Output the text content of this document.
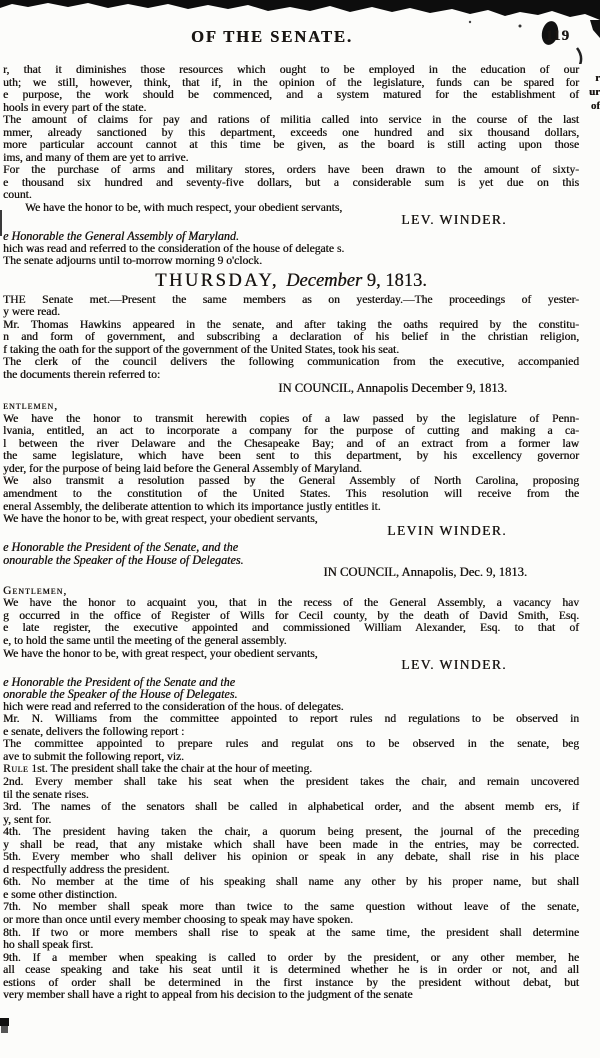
r
ur
of
OF THE SENATE.	119
r, that it diminishes those resources which ought to be employed in the education of our
uth; we still, however, think, that if, in the opinion of the legislature, funds can be spared for
e purpose, the work should be commenced, and a system matured for the establishment of
hools in every part of the state.
The amount of claims for pay and rations of militia called into service in the course of the last
mmer, already sanctioned by this department, exceeds one hundred and six thousand dollars,
more particular account cannot at this time be given, as the board is still acting upon those
ims, and many of them are yet to arrive.
For the purchase of arms and military stores, orders have been drawn to the amount of sixty-
e thousand six hundred and seventy-five dollars, but a considerable sum is yet due on this
count.
We have the honor to be, with much respect, your obedient servants,
LEV. WINDER.
e Honorable the General Assembly of Maryland.
hich was read and referred to the consideration of the house of delegate s.
The senate adjourns until to-morrow morning 9 o'clock.
THURSDAY, December 9, 1813.
THE Senate met.—Present the same members as on yesterday.—The proceedings of yester-
y were read.
Mr. Thomas Hawkins appeared in the senate, and after taking the oaths required by the constitu-
n and form of government, and subscribing a declaration of his belief in the christian religion,
f taking the oath for the support of the government of the United States, took his seat.
The clerk of the council delivers the following communication from the executive, accompanied
the documents therein referred to:
IN COUNCIL, Annapolis December 9, 1813.
entlemen,
We have the honor to transmit herewith copies of a law passed by the legislature of Penn-
lvania, entitled, an act to incorporate a company for the purpose of cutting and making a ca-
l between the river Delaware and the Chesapeake Bay; and of an extract from a former law
the same legislature, which have been sent to this department, by his excellency governor
yder, for the purpose of being laid before the General Assembly of Maryland.
We also transmit a resolution passed by the General Assembly of North Carolina, proposing
amendment to the constitution of the United States. This resolution will receive from the
eneral Assembly, the deliberate attention to which its importance justly entitles it.
We have the honor to be, with great respect, your obedient servants,
LEVIN WINDER.
e Honorable the President of the Senate, and the
onourable the Speaker of the House of Delegates.
IN COUNCIL, Annapolis, Dec. 9, 1813.
Gentlemen,
We have the honor to acquaint you, that in the recess of the General Assembly, a vacancy hav
g occurred in the office of Register of Wills for Cecil county, by the death of David Smith, Esq.
e late register, the executive appointed and commissioned William Alexander, Esq. to that of
e, to hold the same until the meeting of the general assembly.
We have the honor to be, with great respect, your obedient servants,
LEV. WINDER.
e Honorable the President of the Senate and the
onorable the Speaker of the House of Delegates.
hich were read and referred to the consideration of the hous. of delegates.
Mr. N. Williams from the committee appointed to report rules nd regulations to be observed in
e senate, delivers the following report :
The committee appointed to prepare rules and regulat ons to be observed in the senate, beg
ave to submit the following report, viz.
Rule 1st. The president shall take the chair at the hour of meeting.
2nd. Every member shall take his seat when the president takes the chair, and remain uncovered
til the senate rises.
3rd. The names of the senators shall be called in alphabetical order, and the absent memb ers, if
y, sent for.
4th. The president having taken the chair, a quorum being present, the journal of the preceding
y shall be read, that any mistake which shall have been made in the entries, may be corrected.
5th. Every member who shall deliver his opinion or speak in any debate, shall rise in his place
d respectfully address the president.
6th. No member at the time of his speaking shall name any other by his proper name, but shall
e some other distinction.
7th. No member shall speak more than twice to the same question without leave of the senate,
or more than once until every member choosing to speak may have spoken.
8th. If two or more members shall rise to speak at the same time, the president shall determine
ho shall speak first.
9th. If a member when speaking is called to order by the president, or any other member, he
all cease speaking and take his seat until it is determined whether he is in order or not, and all
estions of order shall be determined in the first instance by the president without debat, but
very member shall have a right to appeal from his decision to the judgment of the senate
